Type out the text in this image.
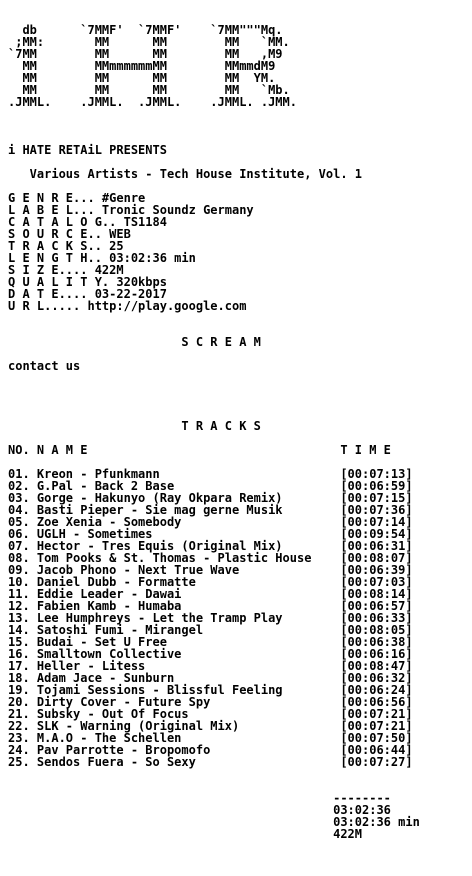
db      `7MMF'  `7MMF'    `7MM"""Mq.
;MM:       MM      MM        MM   `MM.
`7MM        MM      MM        MM   ,M9
MM        MMmmmmmmMM        MMmmdM9
MM        MM      MM        MM  YM.
MM        MM      MM        MM   `Mb.
.JMML.    .JMML.  .JMML.    .JMML. .JMM.

i HATE RETAiL PRESENTS

Various Artists - Tech House Institute, Vol. 1

G E N R E... #Genre
L A B E L... Tronic Soundz Germany
C A T A L O G.. TS1184
S O U R C E.. WEB
T R A C K S.. 25
L E N G T H.. 03:02:36 min
S I Z E.... 422M
Q U A L I T Y. 320kbps
D A T E.... 03-22-2017
U R L..... http://play.google.com

S C R E A M

contact us

T R A C K S

NO. N A M E                                   T I M E

01. Kreon - Pfunkmann                         [00:07:13]
02. G.Pal - Back 2 Base                       [00:06:59]
03. Gorge - Hakunyo (Ray Okpara Remix)        [00:07:15]
04. Basti Pieper - Sie mag gerne Musik        [00:07:36]
05. Zoe Xenia - Somebody                      [00:07:14]
06. UGLH - Sometimes                          [00:09:54]
07. Hector - Tres Equis (Original Mix)        [00:06:31]
08. Tom Pooks & St. Thomas - Plastic House    [00:08:07]
09. Jacob Phono - Next True Wave              [00:06:39]
10. Daniel Dubb - Formatte                    [00:07:03]
11. Eddie Leader - Dawai                      [00:08:14]
12. Fabien Kamb - Humaba                      [00:06:57]
13. Lee Humphreys - Let the Tramp Play        [00:06:33]
14. Satoshi Fumi - Mirangel                   [00:08:05]
15. Budai - Set U Free                        [00:06:38]
16. Smalltown Collective                      [00:06:16]
17. Heller - Litess                           [00:08:47]
18. Adam Jace - Sunburn                       [00:06:32]
19. Tojami Sessions - Blissful Feeling        [00:06:24]
20. Dirty Cover - Future Spy                  [00:06:56]
21. Subsky - Out Of Focus                     [00:07:21]
22. SLK - Warning (Original Mix)              [00:07:21]
23. M.A.O - The Schellen                      [00:07:50]
24. Pav Parrotte - Bropomofo                  [00:06:44]
25. Sendos Fuera - So Sexy                    [00:07:27]

--------
03:02:36
03:02:36 min
422M
